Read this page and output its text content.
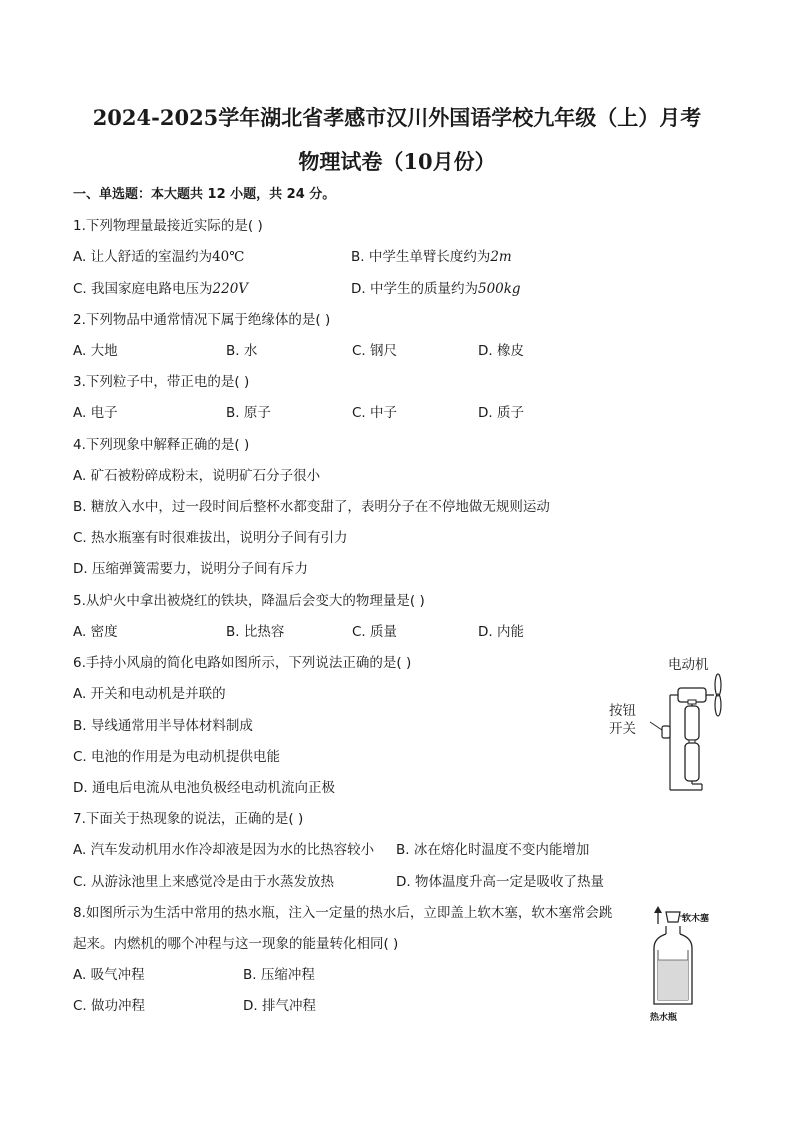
2024-2025学年湖北省孝感市汉川外国语学校九年级（上）月考
物理试卷（10月份）
一、单选题：本大题共 12 小题，共 24 分。
1.下列物理量最接近实际的是( )
A. 让人舒适的室温约为40℃	B. 中学生单臂长度约为2m
C. 我国家庭电路电压为220V	D. 中学生的质量约为500kg
2.下列物品中通常情况下属于绝缘体的是( )
A. 大地	B. 水	C. 钢尺	D. 橡皮
3.下列粒子中，带正电的是( )
A. 电子	B. 原子	C. 中子	D. 质子
4.下列现象中解释正确的是( )
A. 矿石被粉碎成粉末，说明矿石分子很小
B. 糖放入水中，过一段时间后整杯水都变甜了，表明分子在不停地做无规则运动
C. 热水瓶塞有时很难拔出，说明分子间有引力
D. 压缩弹簧需要力，说明分子间有斥力
5.从炉火中拿出被烧红的铁块，降温后会变大的物理量是( )
A. 密度	B. 比热容	C. 质量	D. 内能
6.手持小风扇的简化电路如图所示，下列说法正确的是( )
A. 开关和电动机是并联的
B. 导线通常用半导体材料制成
C. 电池的作用是为电动机提供电能
D. 通电后电流从电池负极经电动机流向正极
电动机
按钮
开关
7.下面关于热现象的说法，正确的是( )
A. 汽车发动机用水作冷却液是因为水的比热容较小 B. 冰在熔化时温度不变内能增加
C. 从游泳池里上来感觉冷是由于水蒸发放热	D. 物体温度升高一定是吸收了热量
8.如图所示为生活中常用的热水瓶，注入一定量的热水后，立即盖上软木塞，软木塞常会跳
起来。内燃机的哪个冲程与这一现象的能量转化相同( )
A. 吸气冲程	B. 压缩冲程
C. 做功冲程	D. 排气冲程
软木塞
热水瓶
